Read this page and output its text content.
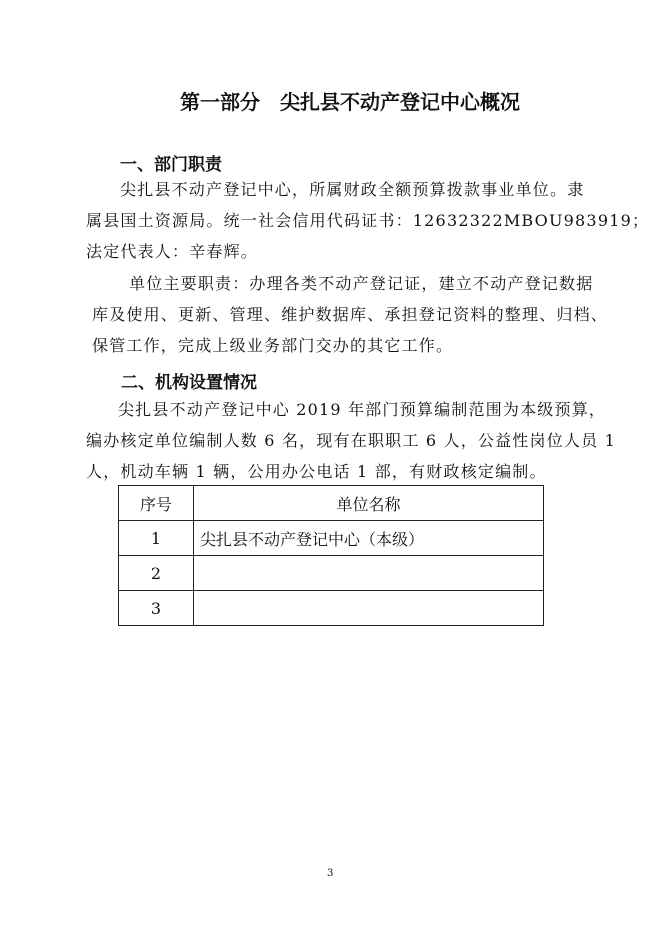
第一部分　尖扎县不动产登记中心概况
一、部门职责
尖扎县不动产登记中心，所属财政全额预算拨款事业单位。隶
属县国土资源局。统一社会信用代码证书：12632322MBOU983919；
法定代表人：辛春辉。
单位主要职责：办理各类不动产登记证，建立不动产登记数据
库及使用、更新、管理、维护数据库、承担登记资料的整理、归档、
保管工作，完成上级业务部门交办的其它工作。
二、机构设置情况
尖扎县不动产登记中心 2019 年部门预算编制范围为本级预算，
编办核定单位编制人数 6 名，现有在职职工 6 人，公益性岗位人员 1
人，机动车辆 1 辆，公用办公电话 1 部，有财政核定编制。
序号	单位名称
1	尖扎县不动产登记中心（本级）
2	
3	
3
